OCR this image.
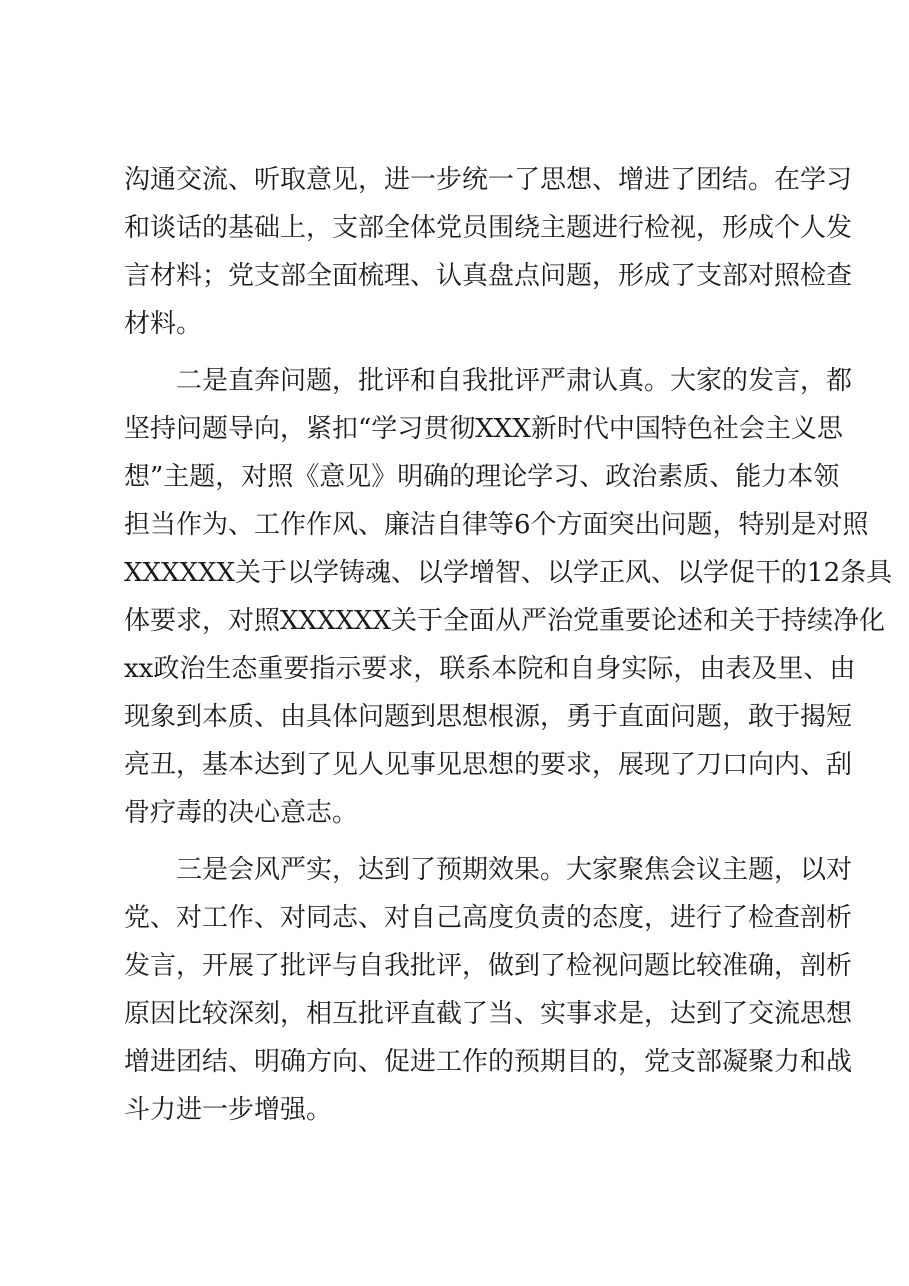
沟通交流、听取意见，进一步统一了思想、增进了团结。在学习
和谈话的基础上，支部全体党员围绕主题进行检视，形成个人发
言材料；党支部全面梳理、认真盘点问题，形成了支部对照检查
材料。
二是直奔问题，批评和自我批评严肃认真。大家的发言，都
坚持问题导向，紧扣“学习贯彻XXX新时代中国特色社会主义思
想”主题，对照《意见》明确的理论学习、政治素质、能力本领
担当作为、工作作风、廉洁自律等6个方面突出问题，特别是对照
XXXXXX关于以学铸魂、以学增智、以学正风、以学促干的12条具
体要求，对照XXXXXX关于全面从严治党重要论述和关于持续净化
xx政治生态重要指示要求，联系本院和自身实际，由表及里、由
现象到本质、由具体问题到思想根源，勇于直面问题，敢于揭短
亮丑，基本达到了见人见事见思想的要求，展现了刀口向内、刮
骨疗毒的决心意志。
三是会风严实，达到了预期效果。大家聚焦会议主题，以对
党、对工作、对同志、对自己高度负责的态度，进行了检查剖析
发言，开展了批评与自我批评，做到了检视问题比较准确，剖析
原因比较深刻，相互批评直截了当、实事求是，达到了交流思想
增进团结、明确方向、促进工作的预期目的，党支部凝聚力和战
斗力进一步增强。
